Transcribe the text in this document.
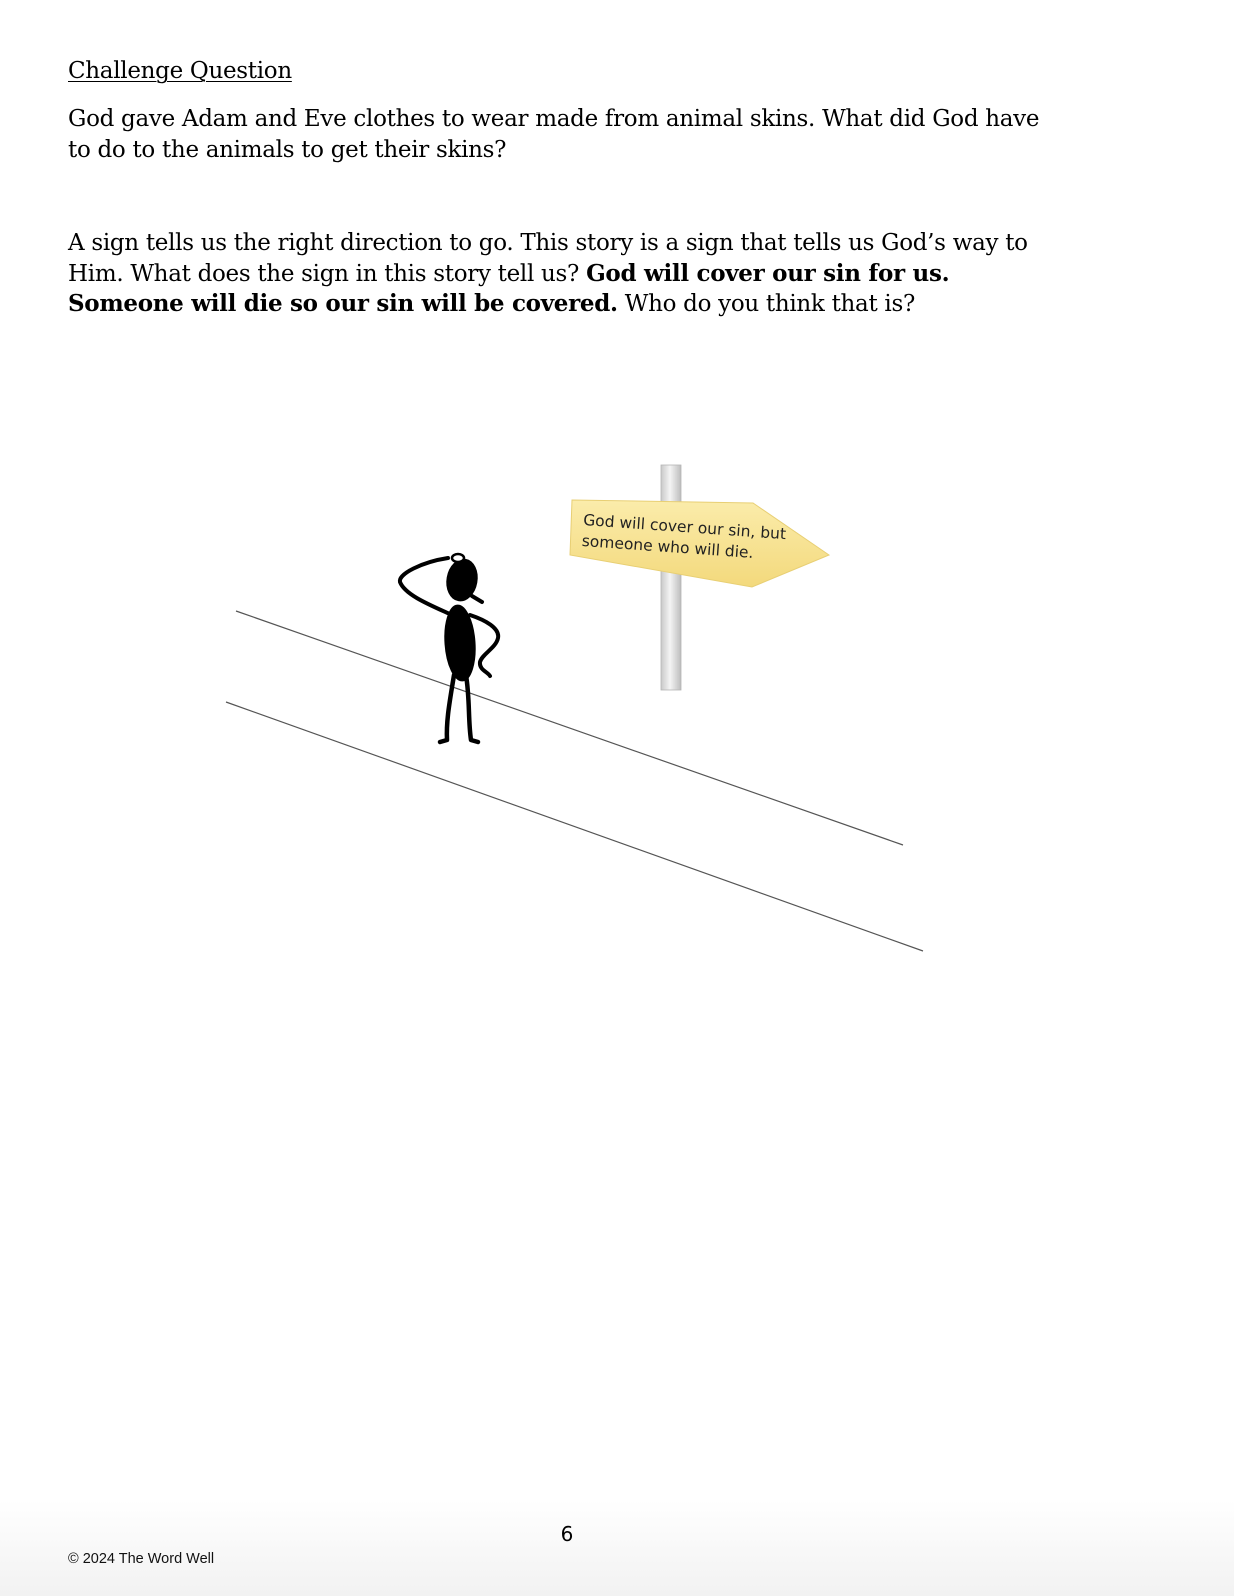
Challenge Question
God gave Adam and Eve clothes to wear made from animal skins. What did God have to do to the animals to get their skins?
A sign tells us the right direction to go. This story is a sign that tells us God’s way to Him. What does the sign in this story tell us? God will cover our sin for us. Someone will die so our sin will be covered. Who do you think that is?
God will cover our sin, but someone who will die.
6
© 2024 The Word Well
